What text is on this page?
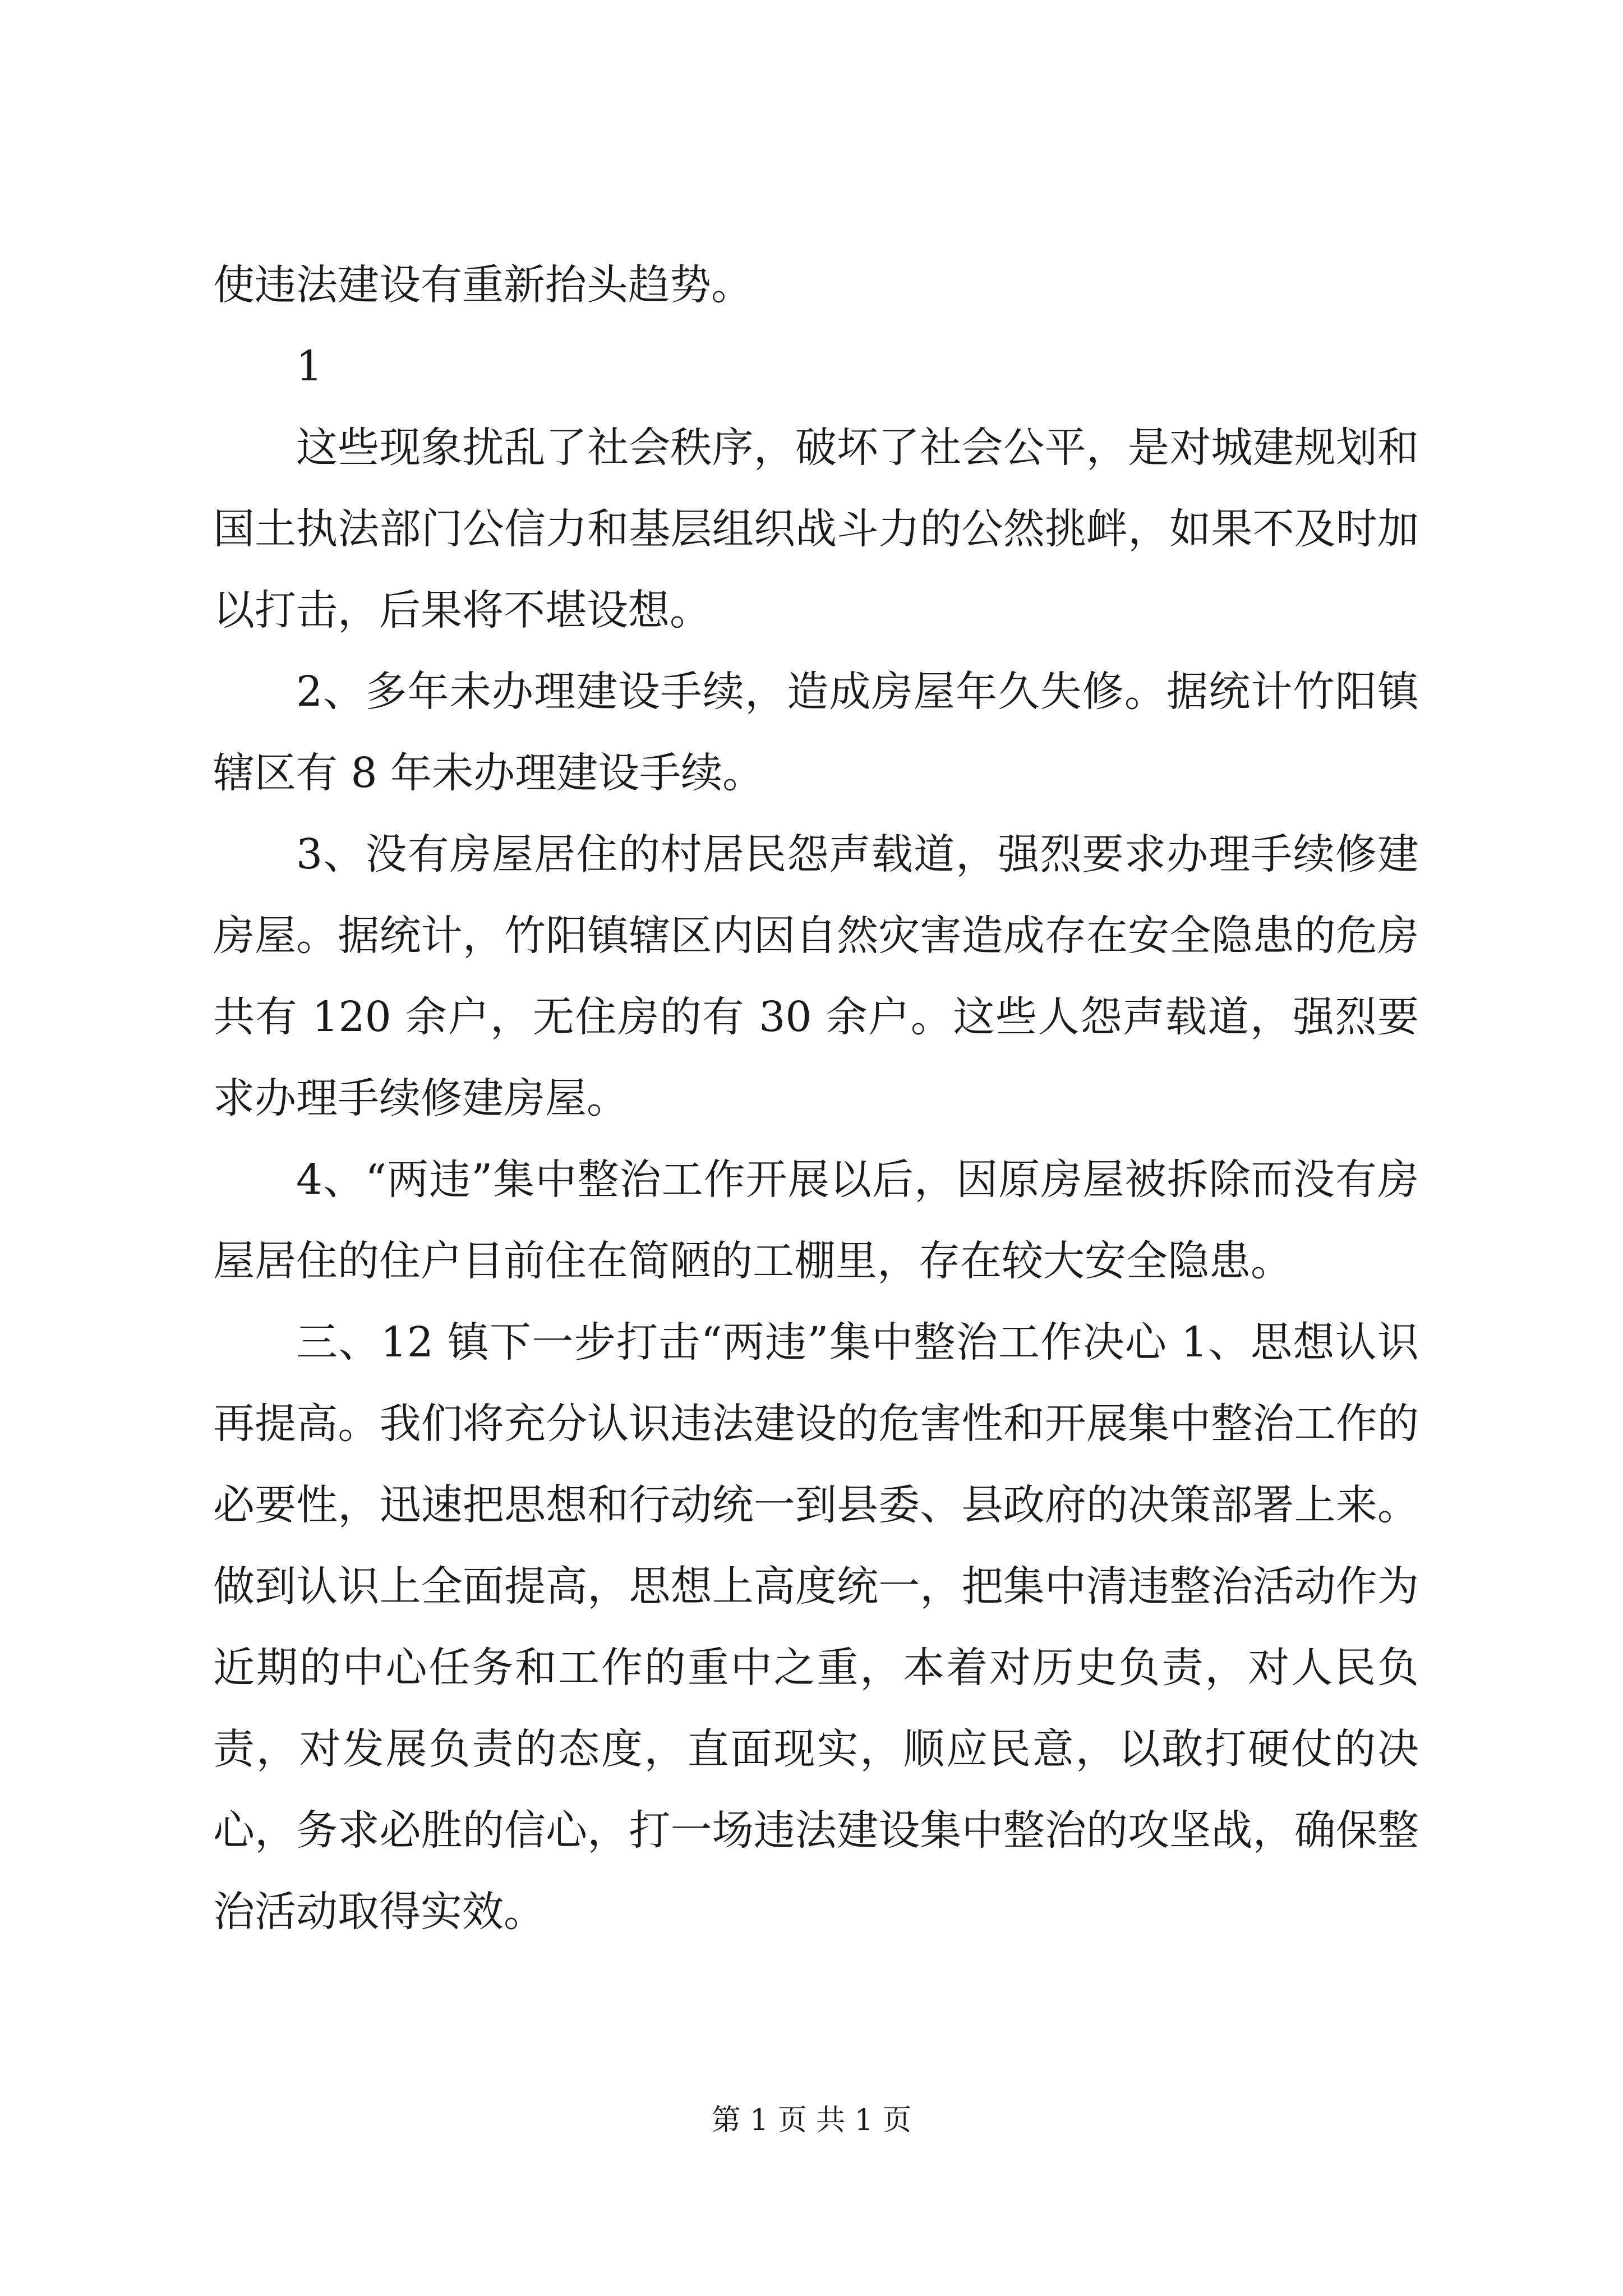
使违法建设有重新抬头趋势。

1

这些现象扰乱了社会秩序，破坏了社会公平，是对城建规划和国土执法部门公信力和基层组织战斗力的公然挑衅，如果不及时加以打击，后果将不堪设想。

2、多年未办理建设手续，造成房屋年久失修。据统计竹阳镇辖区有 8 年未办理建设手续。

3、没有房屋居住的村居民怨声载道，强烈要求办理手续修建房屋。据统计，竹阳镇辖区内因自然灾害造成存在安全隐患的危房共有 120 余户，无住房的有 30 余户。这些人怨声载道，强烈要求办理手续修建房屋。

4、“两违”集中整治工作开展以后，因原房屋被拆除而没有房屋居住的住户目前住在简陋的工棚里，存在较大安全隐患。

三、12 镇下一步打击“两违”集中整治工作决心 1、思想认识再提高。我们将充分认识违法建设的危害性和开展集中整治工作的必要性，迅速把思想和行动统一到县委、县政府的决策部署上来。做到认识上全面提高，思想上高度统一，把集中清违整治活动作为近期的中心任务和工作的重中之重，本着对历史负责，对人民负责，对发展负责的态度，直面现实，顺应民意，以敢打硬仗的决心，务求必胜的信心，打一场违法建设集中整治的攻坚战，确保整治活动取得实效。

第 1 页 共 1 页
